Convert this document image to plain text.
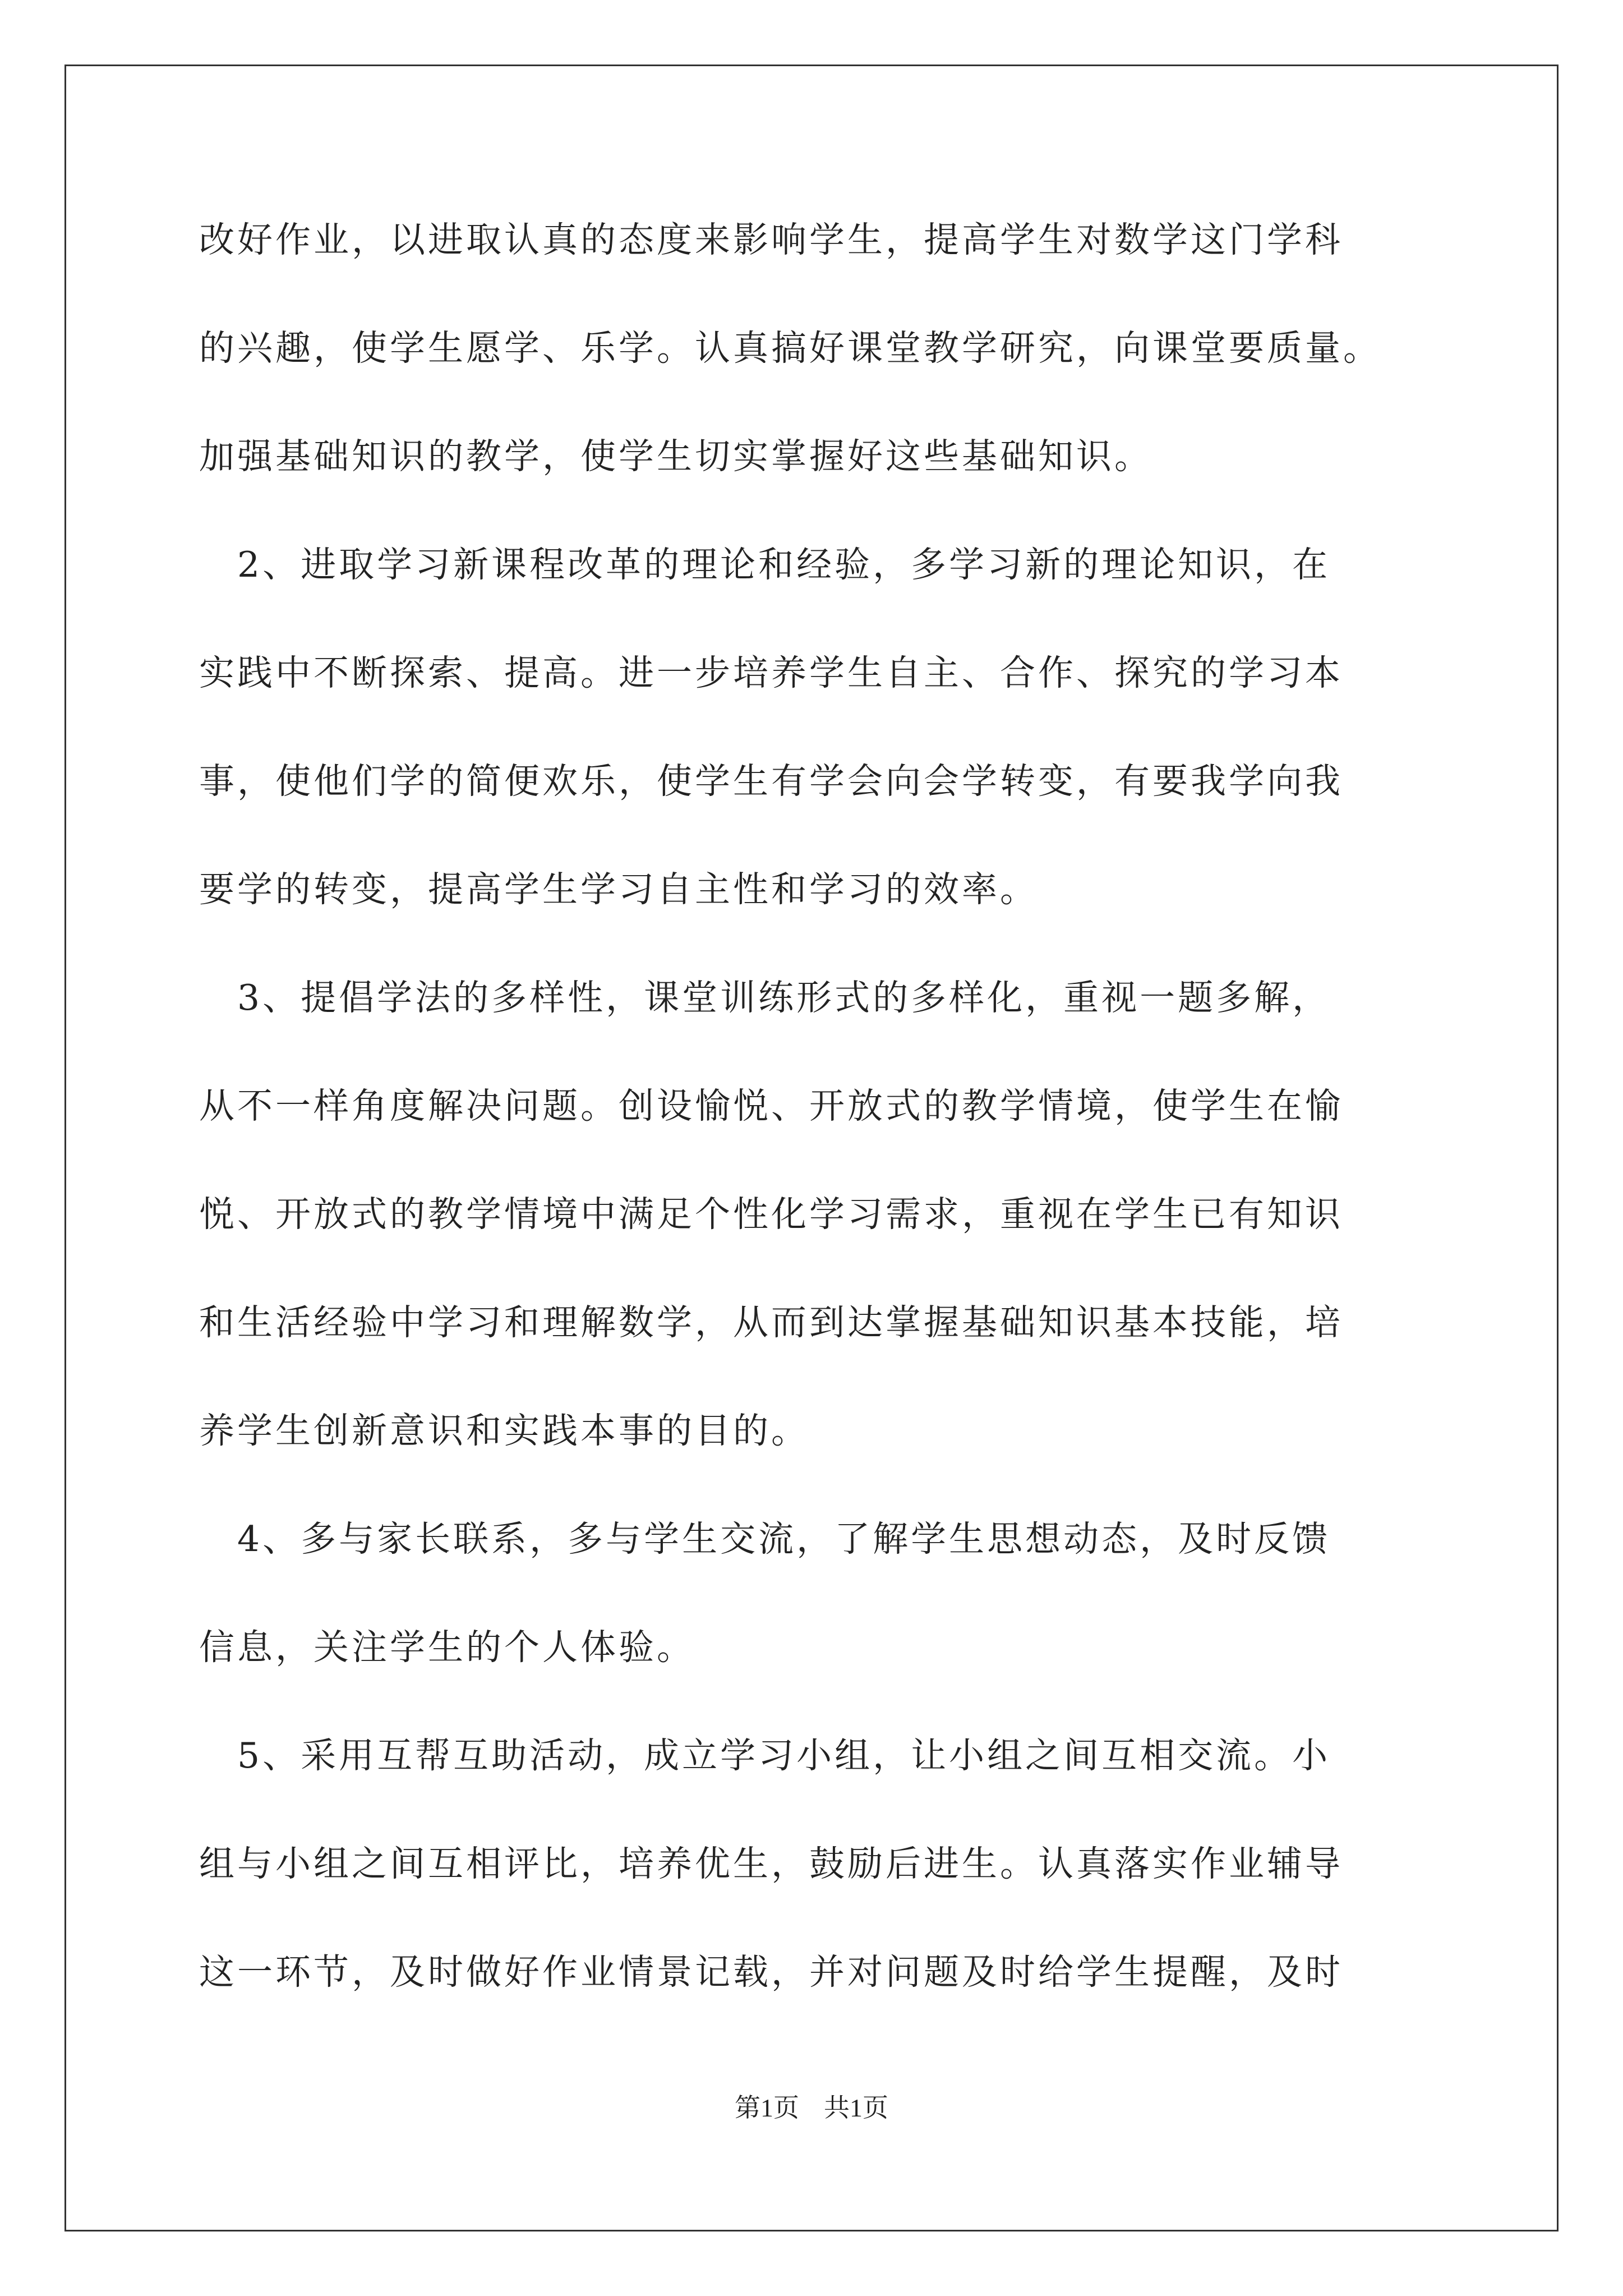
改好作业，以进取认真的态度来影响学生，提高学生对数学这门学科
的兴趣，使学生愿学、乐学。认真搞好课堂教学研究，向课堂要质量。
加强基础知识的教学，使学生切实掌握好这些基础知识。
　2、进取学习新课程改革的理论和经验，多学习新的理论知识，在
实践中不断探索、提高。进一步培养学生自主、合作、探究的学习本
事，使他们学的简便欢乐，使学生有学会向会学转变，有要我学向我
要学的转变，提高学生学习自主性和学习的效率。
　3、提倡学法的多样性，课堂训练形式的多样化，重视一题多解，
从不一样角度解决问题。创设愉悦、开放式的教学情境，使学生在愉
悦、开放式的教学情境中满足个性化学习需求，重视在学生已有知识
和生活经验中学习和理解数学，从而到达掌握基础知识基本技能，培
养学生创新意识和实践本事的目的。
　4、多与家长联系，多与学生交流，了解学生思想动态，及时反馈
信息，关注学生的个人体验。
　5、采用互帮互助活动，成立学习小组，让小组之间互相交流。小
组与小组之间互相评比，培养优生，鼓励后进生。认真落实作业辅导
这一环节，及时做好作业情景记载，并对问题及时给学生提醒，及时
第1页 共1页
